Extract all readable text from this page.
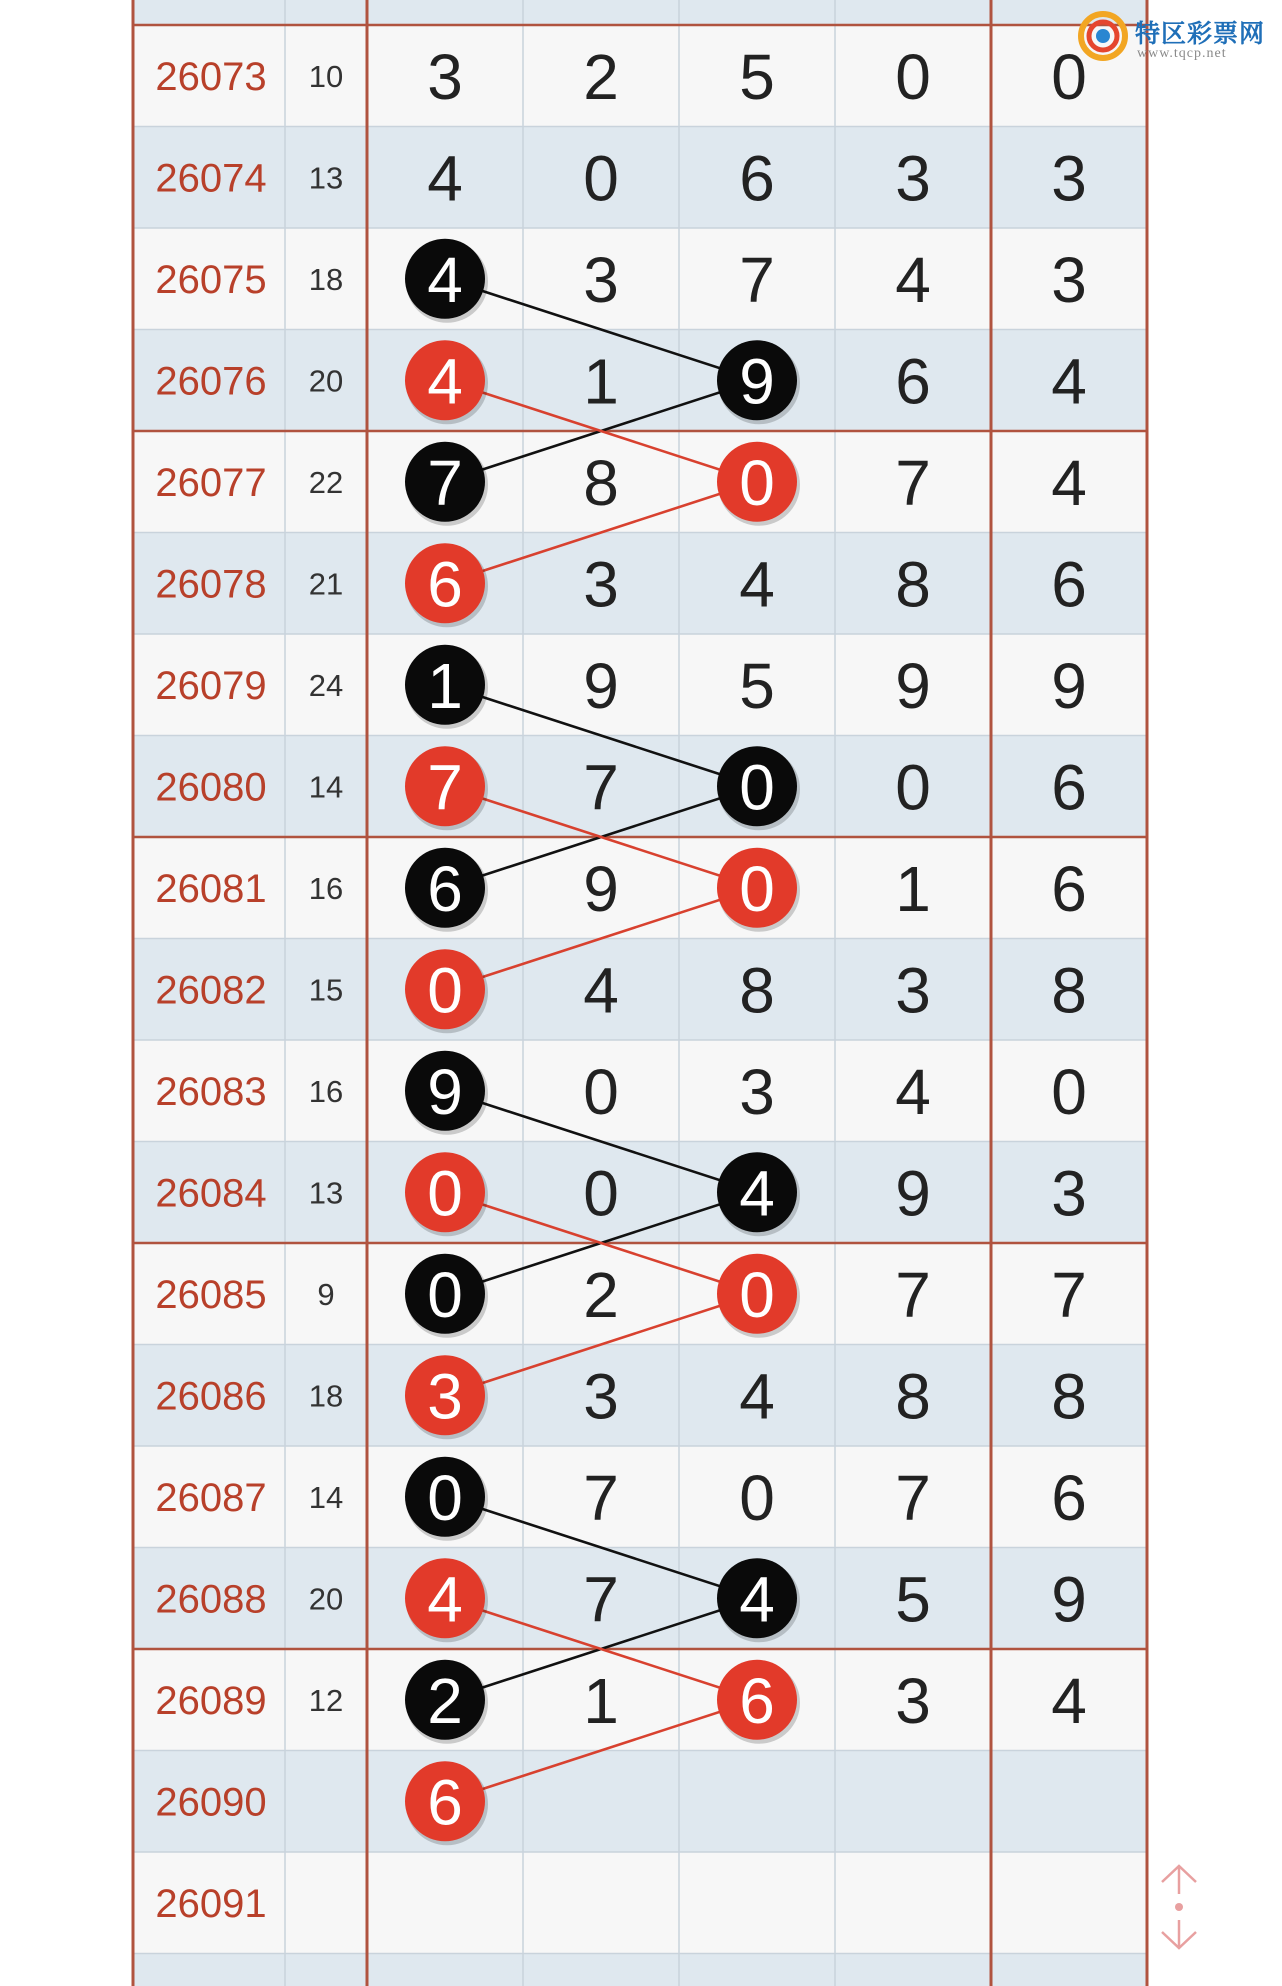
26073 10 3 2 5 0 0
26074 13 4 0 6 3 3
26075 18 4 3 7 4 3
26076 20 4 1 9 6 4
26077 22 7 8 0 7 4
26078 21 6 3 4 8 6
26079 24 1 9 5 9 9
26080 14 7 7 0 0 6
26081 16 6 9 0 1 6
26082 15 0 4 8 3 8
26083 16 9 0 3 4 0
26084 13 0 0 4 9 3
26085 9 0 2 0 7 7
26086 18 3 3 4 8 8
26087 14 0 7 0 7 6
26088 20 4 7 4 5 9
26089 12 2 1 6 3 4
26090	6
26091
特区彩票网
www.tqcp.net
